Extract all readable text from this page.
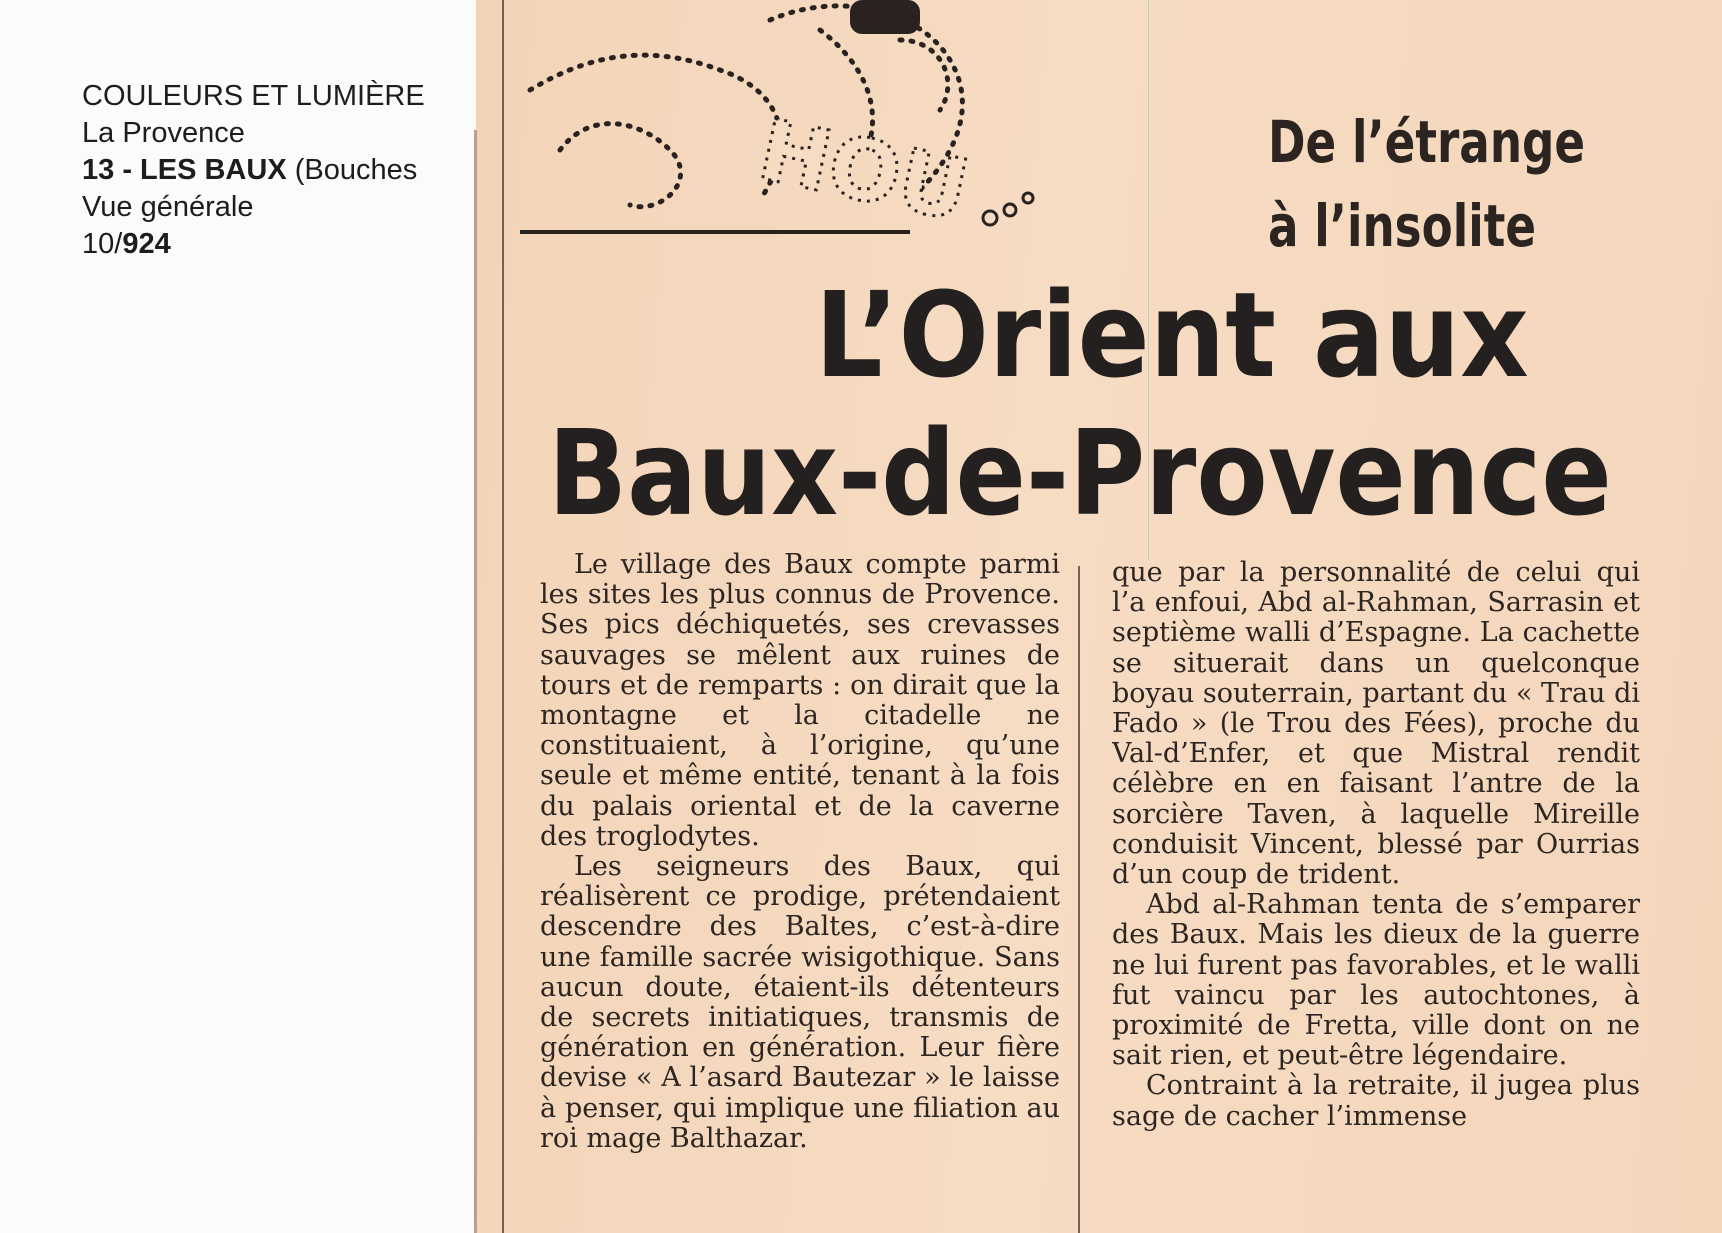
COULEURS ET LUMIÈRE
La Provence
13 - LES BAUX (Bouches
Vue générale
10/924
HOU	De l’étrange
à l’insolite
L’Orient aux
Baux-de-Provence

Le village des Baux compte parmi les sites les plus connus de Provence. Ses pics déchiquetés, ses crevasses sauvages se mêlent aux ruines de tours et de remparts : on dirait que la montagne et la citadelle ne constituaient, à l’origine, qu’une seule et même entité, tenant à la fois du palais oriental et de la caverne des troglodytes.

Les seigneurs des Baux, qui réalisèrent ce prodige, prétendaient descendre des Baltes, c’est-à-dire une famille sacrée wisigothique. Sans aucun doute, étaient-ils détenteurs de secrets initiatiques, transmis de génération en génération. Leur fière devise « A l’asard Bautezar » le laisse à penser, qui implique une filiation au roi mage Balthazar.

que par la personnalité de celui qui l’a enfoui, Abd al-Rahman, Sarrasin et septième walli d’Espagne. La cachette se situerait dans un quelconque boyau souterrain, partant du « Trau di Fado » (le Trou des Fées), proche du Val-d’Enfer, et que Mistral rendit célèbre en en faisant l’antre de la sorcière Taven, à laquelle Mireille conduisit Vincent, blessé par Ourrias d’un coup de trident.

Abd al-Rahman tenta de s’emparer des Baux. Mais les dieux de la guerre ne lui furent pas favorables, et le walli fut vaincu par les autochtones, à proximité de Fretta, ville dont on ne sait rien, et peut-être légendaire.

Contraint à la retraite, il jugea plus sage de cacher l’immense
